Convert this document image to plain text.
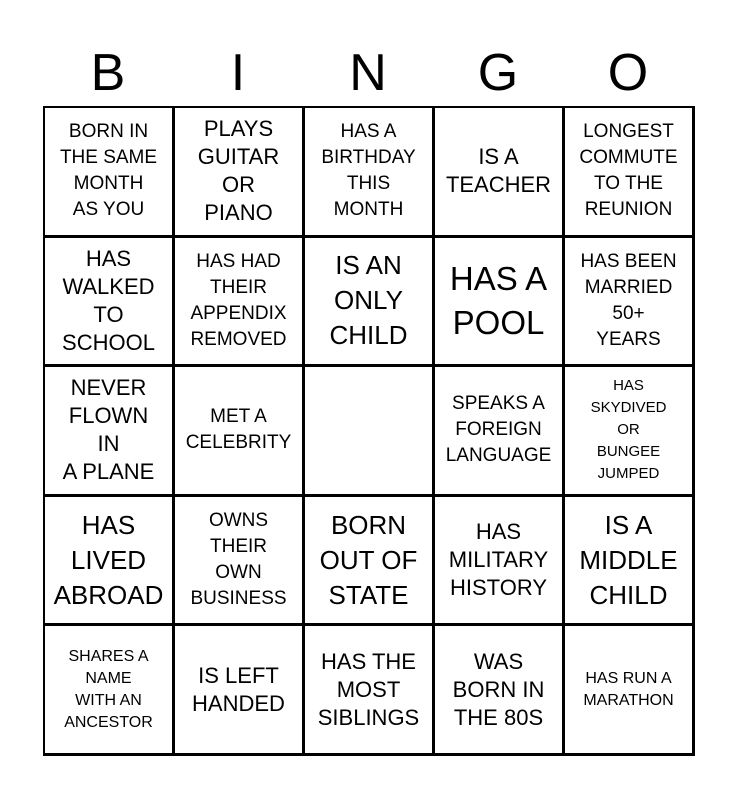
B	I	N	G	O
BORN IN
THE SAME
MONTH
AS YOU
PLAYS
GUITAR
OR
PIANO
HAS A
BIRTHDAY
THIS
MONTH
IS A
TEACHER
LONGEST
COMMUTE
TO THE
REUNION
HAS
WALKED
TO
SCHOOL
HAS HAD
THEIR
APPENDIX
REMOVED
IS AN
ONLY
CHILD
HAS A
POOL
HAS BEEN
MARRIED
50+
YEARS
NEVER
FLOWN
IN
A PLANE
MET A
CELEBRITY
SPEAKS A
FOREIGN
LANGUAGE
HAS
SKYDIVED
OR
BUNGEE
JUMPED
HAS
LIVED
ABROAD
OWNS
THEIR
OWN
BUSINESS
BORN
OUT OF
STATE
HAS
MILITARY
HISTORY
IS A
MIDDLE
CHILD
SHARES A
NAME
WITH AN
ANCESTOR
IS LEFT
HANDED
HAS THE
MOST
SIBLINGS
WAS
BORN IN
THE 80S
HAS RUN A
MARATHON
